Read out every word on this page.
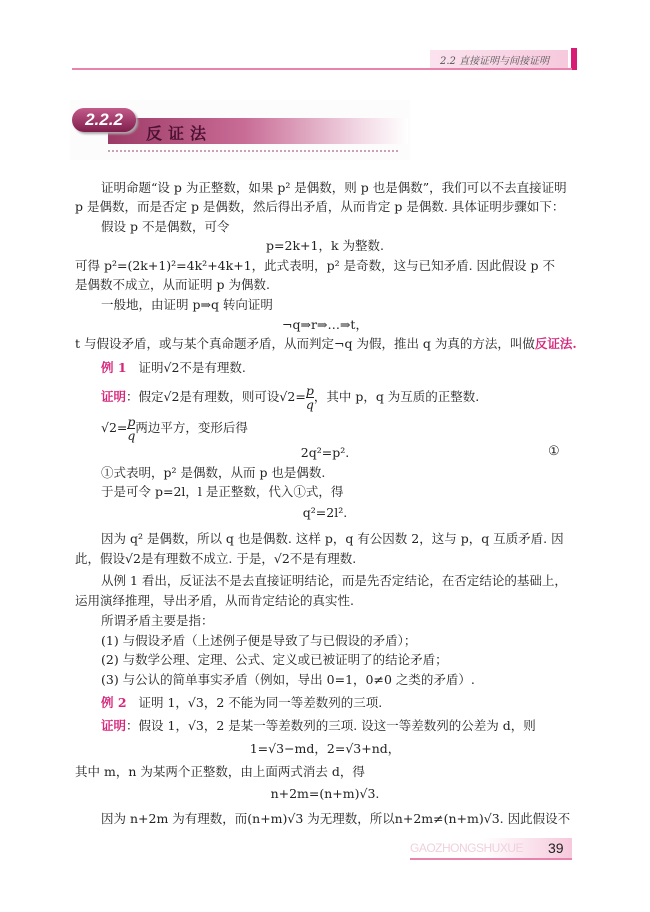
2.2 直接证明与间接证明
2.2.2
反证法
证明命题“设 p 为正整数，如果 p² 是偶数，则 p 也是偶数”，我们可以不去直接证明
p 是偶数，而是否定 p 是偶数，然后得出矛盾，从而肯定 p 是偶数. 具体证明步骤如下：
假设 p 不是偶数，可令
p=2k+1，k 为整数.
可得 p²=(2k+1)²=4k²+4k+1，此式表明，p² 是奇数，这与已知矛盾. 因此假设 p 不
是偶数不成立，从而证明 p 为偶数.
一般地，由证明 p⇒q 转向证明
¬q⇒r⇒…⇒t，
t 与假设矛盾，或与某个真命题矛盾，从而判定¬q 为假，推出 q 为真的方法，叫做反证法.
例 1 证明√2不是有理数.
证明：假定√2是有理数，则可设$√2= \frac{p}{q}$ ，其中 p，q 为互质的正整数.
$√2= \frac{p}{q}$ 两边平方，变形后得
2q²=p².	①
①式表明，p² 是偶数，从而 p 也是偶数.
于是可令 p=2l，l 是正整数，代入①式，得
q²=2l².
因为 q² 是偶数，所以 q 也是偶数. 这样 p，q 有公因数 2，这与 p，q 互质矛盾. 因
此，假设√2是有理数不成立. 于是，√2不是有理数.
从例 1 看出，反证法不是去直接证明结论，而是先否定结论，在否定结论的基础上，
运用演绎推理，导出矛盾，从而肯定结论的真实性.
所谓矛盾主要是指：
(1) 与假设矛盾（上述例子便是导致了与已假设的矛盾）；
(2) 与数学公理、定理、公式、定义或已被证明了的结论矛盾；
(3) 与公认的简单事实矛盾（例如，导出 0=1，0≠0 之类的矛盾）.
例 2 证明 1，√3，2 不能为同一等差数列的三项.
证明：假设 1，√3，2 是某一等差数列的三项. 设这一等差数列的公差为 d，则
1=√3−md，2=√3+nd，
其中 m，n 为某两个正整数，由上面两式消去 d，得
n+2m=(n+m)√3.
因为 n+2m 为有理数，而(n+m)√3 为无理数，所以n+2m≠(n+m)√3. 因此假设不
GAOZHONGSHUXUE 39
